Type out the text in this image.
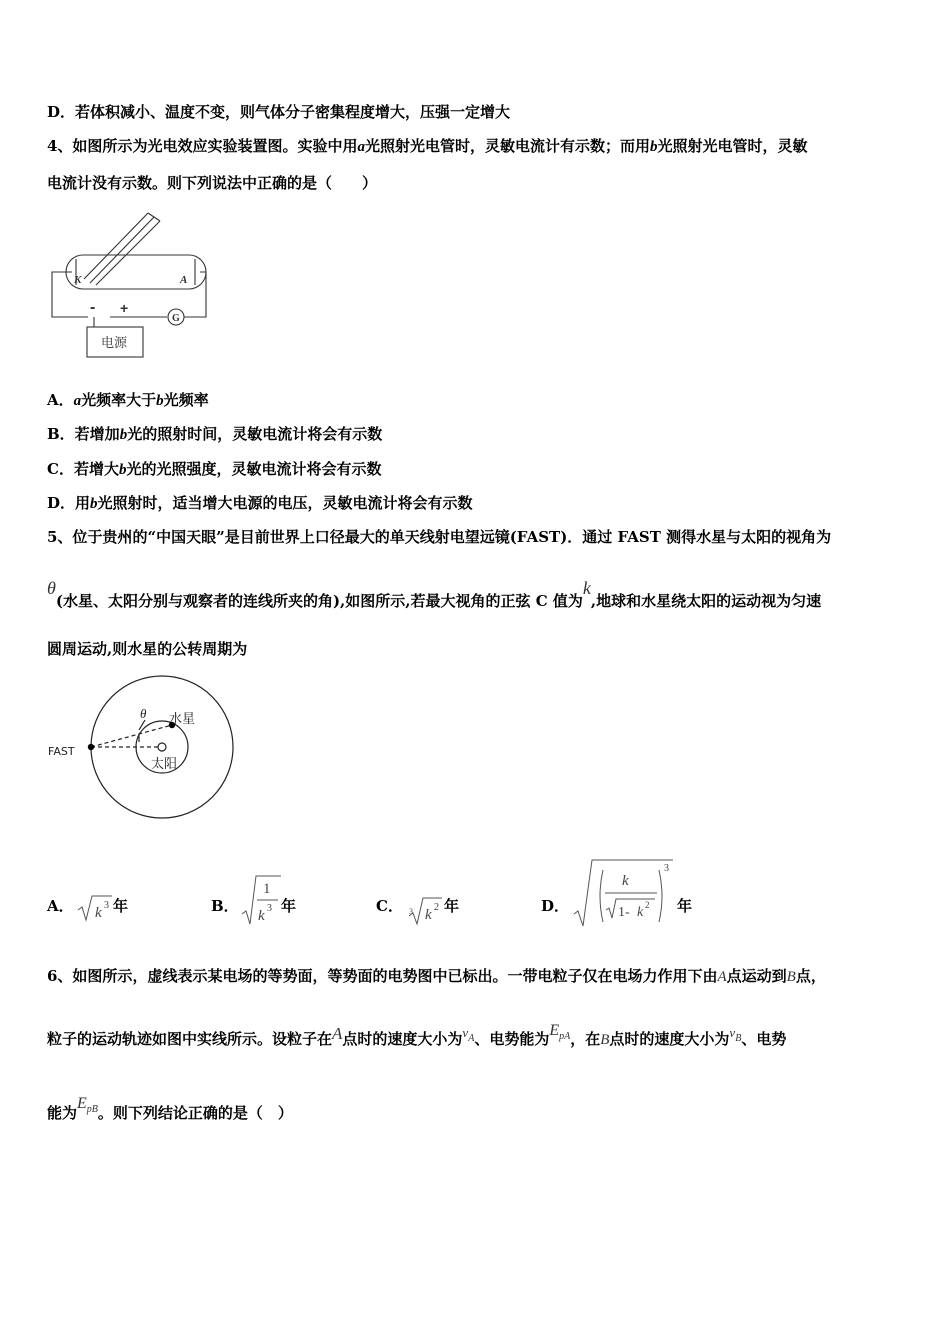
D．若体积减小、温度不变，则气体分子密集程度增大，压强一定增大
4、如图所示为光电效应实验装置图。实验中用a光照射光电管时，灵敏电流计有示数；而用b光照射光电管时，灵敏
电流计没有示数。则下列说法中正确的是（　　）
K	A
- +
G
电源
A．a光频率大于b光频率
B．若增加b光的照射时间，灵敏电流计将会有示数
C．若增大b光的光照强度，灵敏电流计将会有示数
D．用b光照射时，适当增大电源的电压，灵敏电流计将会有示数
5、位于贵州的“中国天眼”是目前世界上口径最大的单天线射电望远镜(FAST)．通过 FAST 测得水星与太阳的视角为
θ(水星、太阳分别与观察者的连线所夹的角),如图所示,若最大视角的正弦 C 值为k,地球和水星绕太阳的运动视为匀速
圆周运动,则水星的公转周期为
FAST
θ 水星
太阳
A． k 3 年	B．
1
k 3 年	C． 3 k 2 年	D．
3
k
1- k 2 年
6、如图所示，虚线表示某电场的等势面，等势面的电势图中已标出。一带电粒子仅在电场力作用下由A点运动到B点，
粒子的运动轨迹如图中实线所示。设粒子在A点时的速度大小为$v_A$、电势能为$E_{pA}$，在B点时的速度大小为$v_B$、电势
能为$E_{pB}$。则下列结论正确的是（　）
